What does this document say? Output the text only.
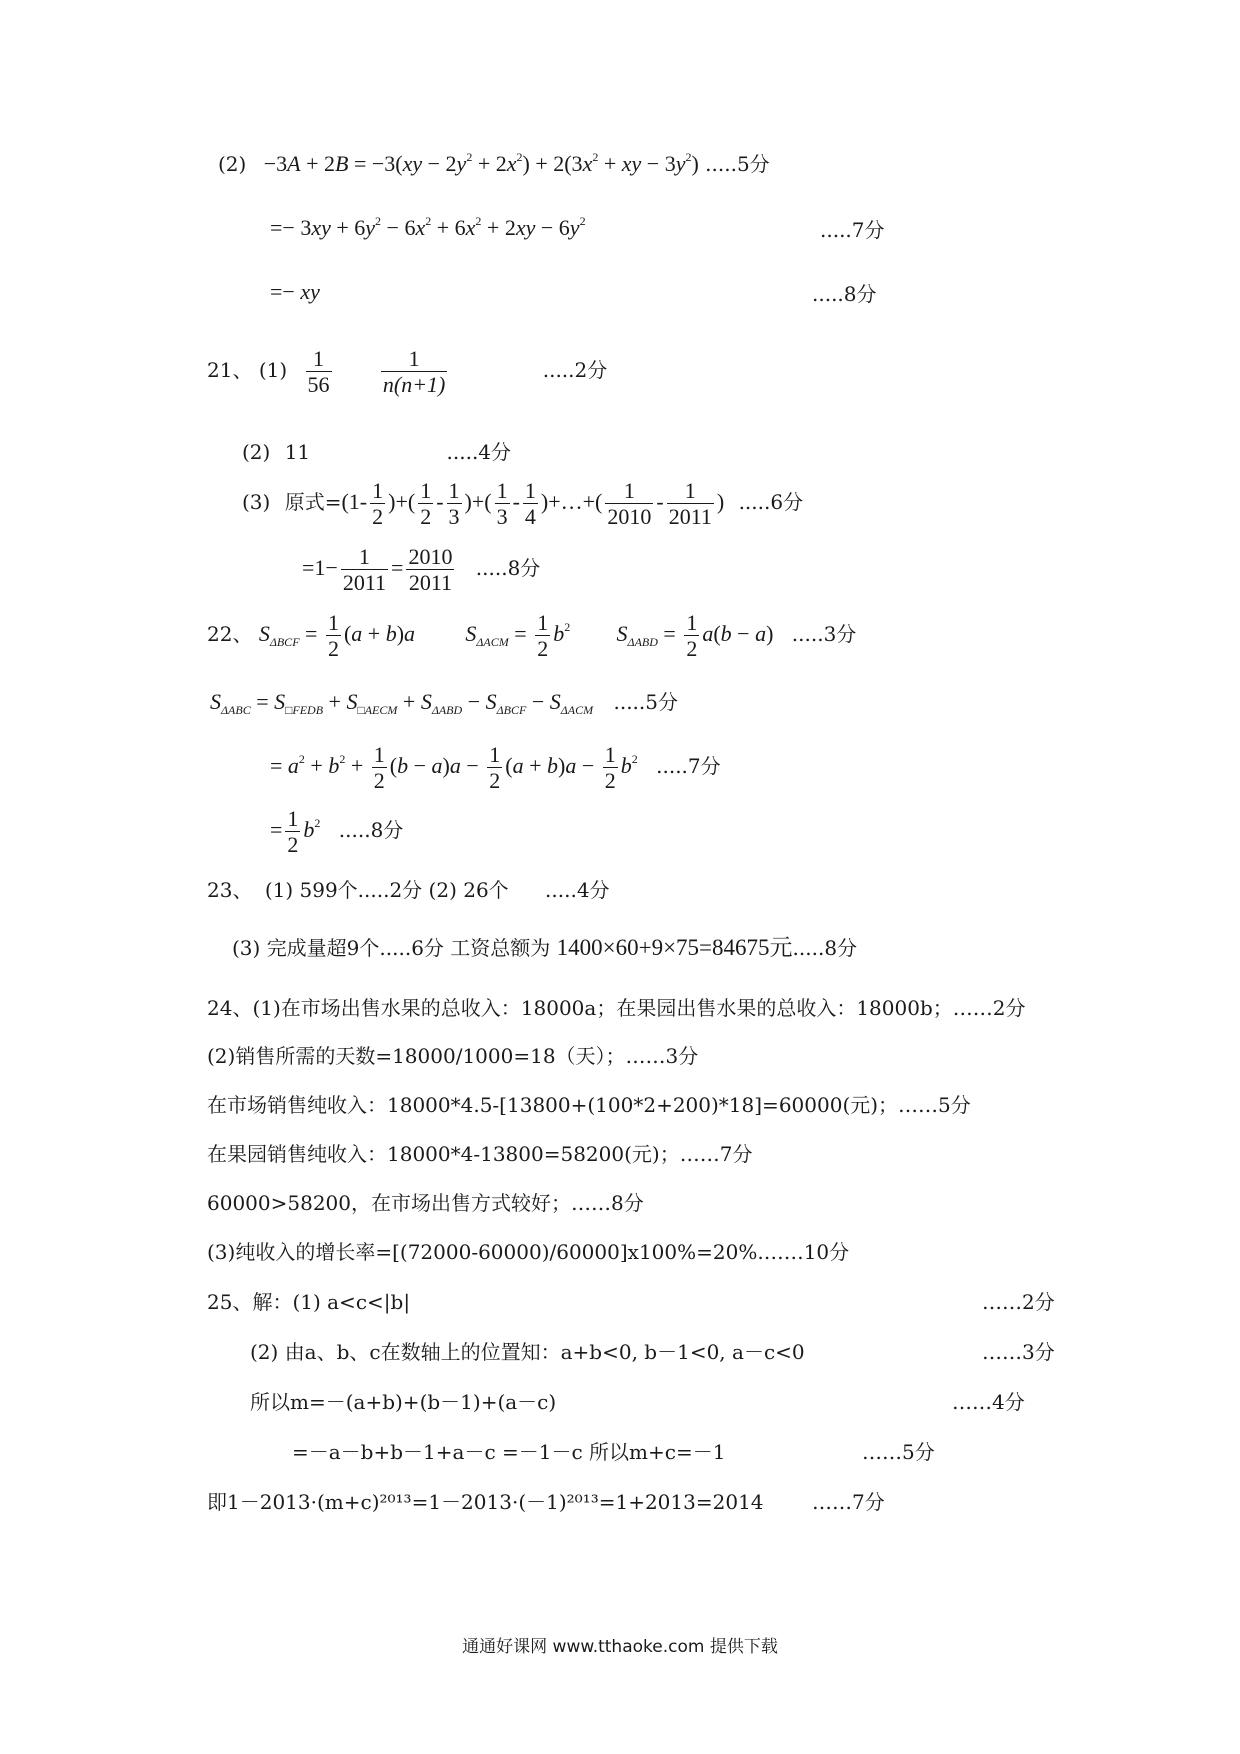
$(2) -3A + 2B = -3(xy - 2y^2 + 2x^2) + 2(3x^2$ + xy − $3y^2$) .....5分
=− $3xy + 6y^2 - 6x^2 + 6x^2 + 2xy - 6y^2$	.....7分
=− xy	.....8分
21、 $(1) \frac{1}{56}$
$\frac{1}{n(n+1)}$	.....2分
(2) 11	.....4分
(3) 原式$=(1- \frac{1}{2}$ )+( $\frac{1}{2} - \frac{1}{3}$ )+( $\frac{1}{3} - \frac{1}{4}$ )+…+( $\frac{1}{2010} - \frac{1}{2011}$ ) .....6分
$=1- \frac{1}{2011} = \frac{2010}{2011} .....8$分
22、 $S_{\Delta BCF} = \frac{1}{2} (a + b)a$ $S_{\Delta ACM} = \frac{1}{2} b^2$ $S_{\Delta ABD} = \frac{1}{2} a(b - a)$ .....3分
$S_{\Delta ABC} = S_{□FEDB} + S_{□AECM} + S_{\Delta ABD} - S_{\Delta BCF} - S_{\Delta ACM}$ .....5分
= $a^2 + b^2 + \frac{1}{2} (b - a)a - \frac{1}{2} (a + b)a - \frac{1}{2} b^2$ .....7分
= $\frac{1}{2} b^2$ .....8分
23、 (1) 599个.....2分 (2) 26个 .....4分
(3) 完成量超9个.....6分 工资总额为 1400×60+9×75=84675元.....8分
24、(1)在市场出售水果的总收入：18000a；在果园出售水果的总收入：18000b；……2分
(2)销售所需的天数=18000/1000=18（天）；……3分
在市场销售纯收入：18000*4.5-[13800+(100*2+200)*18]=60000(元)；……5分
在果园销售纯收入：18000*4-13800=58200(元)；……7分
60000>58200，在市场出售方式较好；……8分
(3)纯收入的增长率=[(72000-60000)/60000]x100%=20%.……10分
25、解：(1) a<c<|b|	……2分
(2) 由a、b、c在数轴上的位置知：a+b<0, b－1<0, a－c<0	……3分
所以m=－(a+b)+(b－1)+(a－c)	……4分
=－a－b+b－1+a－c =－1－c 所以m+c=－1	……5分
即1－2013·(m+c)²⁰¹³=1－2013·(－1)²⁰¹³=1+2013=2014 ……7分
通通好课网 www.tthaoke.com 提供下载
